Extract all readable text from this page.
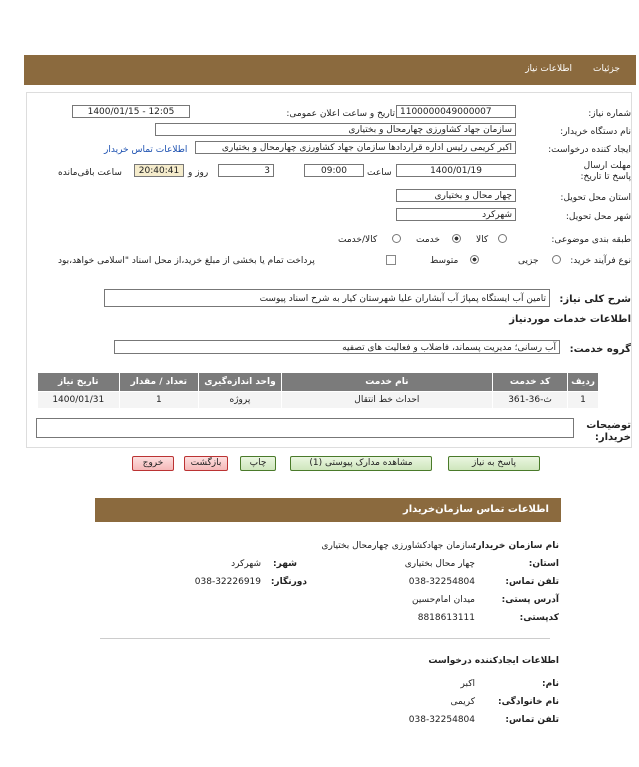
جزئیات
اطلاعات نیاز
شماره نیاز:
1100000049000007
تاریخ و ساعت اعلان عمومی:
1400/01/15 - 12:05
نام دستگاه خریدار:
سازمان جهاد کشاورزی چهارمحال و بختیاری
ایجاد کننده درخواست:
اکبر کریمی رئیس اداره قراردادها سازمان جهاد کشاورزی چهارمحال و بختیاری
اطلاعات تماس خریدار
مهلت ارسال پاسخ تا تاریخ:
1400/01/19
ساعت
09:00
3
روز و
20:40:41
ساعت باقی‌مانده
استان محل تحویل:
چهار محال و بختیاری
شهر محل تحویل:
شهرکرد
طبقه بندی موضوعی:
کالا
خدمت
کالا/خدمت
نوع فرآیند خرید:
جزیی
متوسط
پرداخت تمام یا بخشی از مبلغ خرید،از محل اسناد "اسلامی خواهد،بود
شرح کلی نیاز:
تامین آب ایستگاه پمپاژ آب آبشاران علیا شهرستان کیار به شرح اسناد پیوست
اطلاعات خدمات موردنیاز
گروه خدمت:
آب رسانی؛ مدیریت پسماند، فاضلاب و فعالیت های تصفیه
ردیف	کد خدمت	نام خدمت	واحد اندازه‌گیری	تعداد / مقدار	تاریخ نیاز
1	ث-36-361	احداث خط انتقال	پروژه	1	1400/01/31
توضیحات خریدار:
پاسخ به نیاز
مشاهده مدارک پیوستی (1)
چاپ
بازگشت
خروج
اطلاعات تماس سازمان‌خریدار
نام سازمان خریدار:
سازمان جهادکشاورزی چهارمحال بختیاری
استان:
چهار محال بختیاری
شهر:
شهرکرد
تلفن تماس:
038-32254804
دورنگار:
038-32226919
آدرس پستی:
میدان امام‌حسین
کدپستی:
8818613111
اطلاعات ایجادکننده درخواست
نام:
اکبر
نام خانوادگی:
کریمی
تلفن تماس:
038-32254804
